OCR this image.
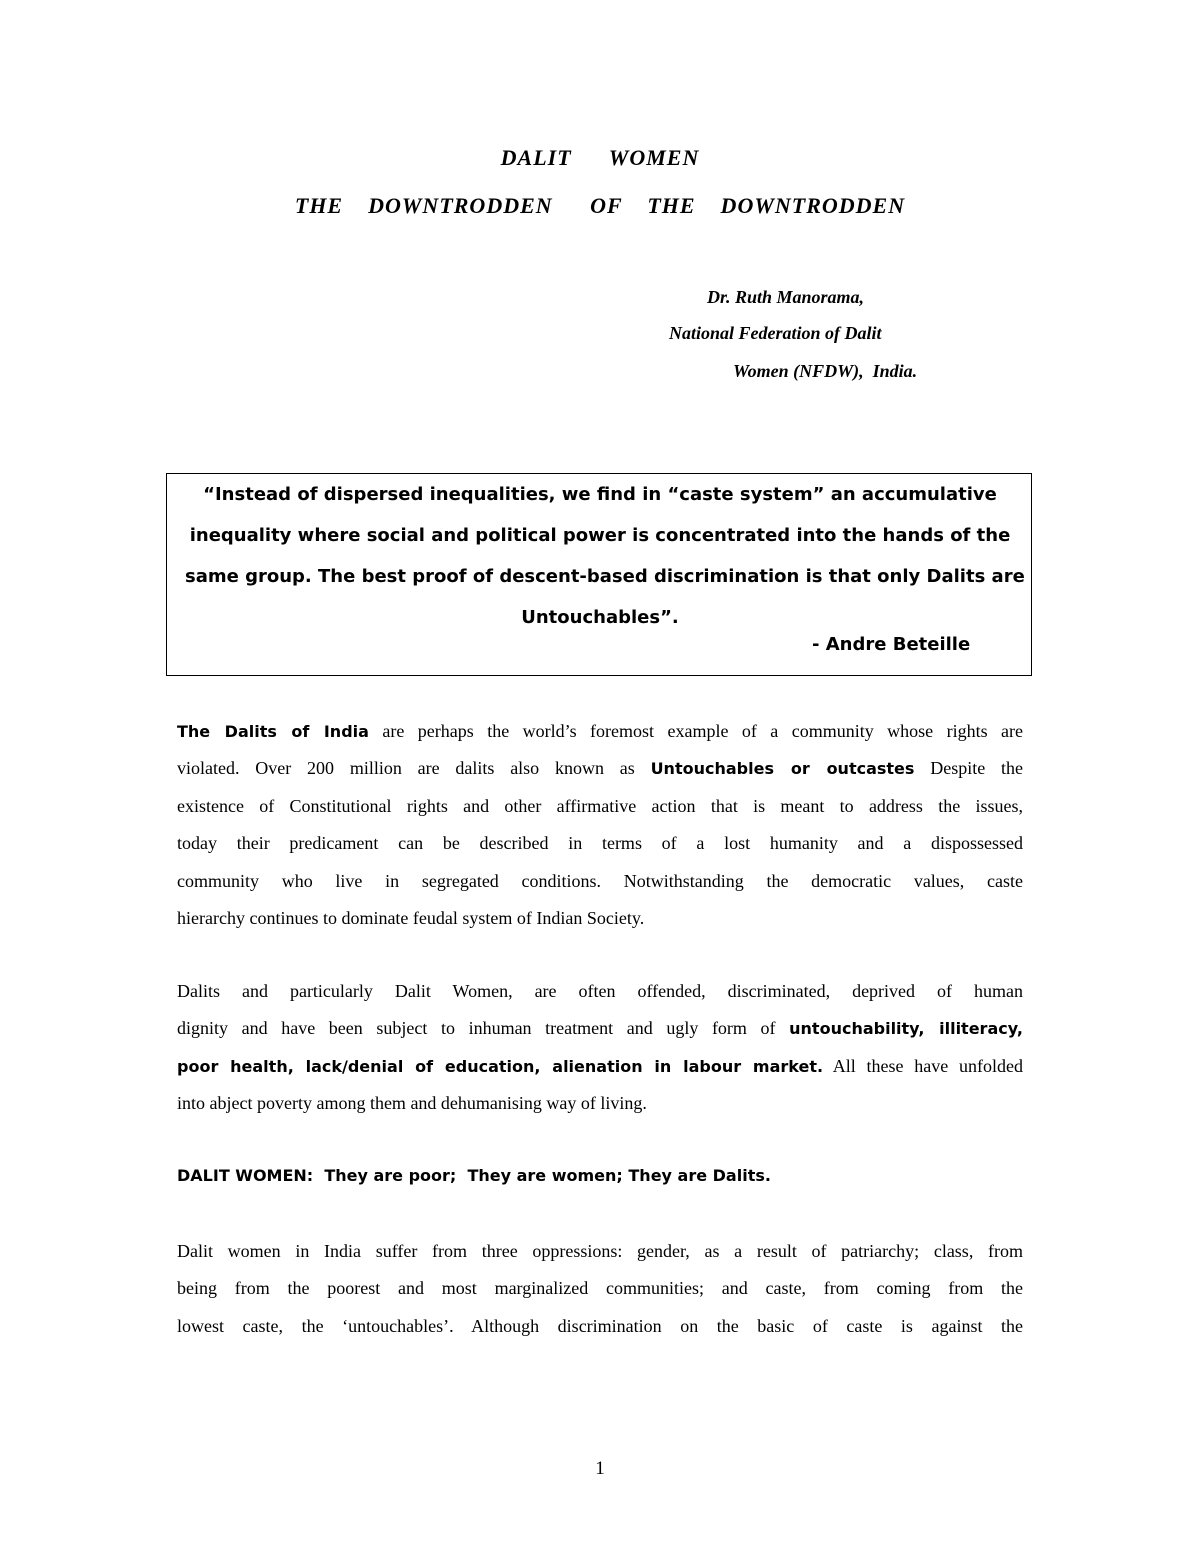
DALIT   WOMEN
THE  DOWNTRODDEN   OF  THE  DOWNTRODDEN
Dr. Ruth Manorama,
National Federation of Dalit
Women (NFDW),  India.
“Instead of dispersed inequalities, we find in “caste system” an accumulative
inequality where social and political power is concentrated into the hands of the
same group. The best proof of descent-based discrimination is that only Dalits are
Untouchables”.
- Andre Beteille
The Dalits of India are perhaps the world’s foremost example of a community whose rights are
violated. Over 200 million are dalits also known as Untouchables or outcastes Despite the
existence of Constitutional rights and other affirmative action that is meant to address the issues,
today their predicament can be described in terms of a lost humanity and a dispossessed
community who live in segregated conditions. Notwithstanding the democratic values, caste
hierarchy continues to dominate feudal system of Indian Society.
Dalits and particularly Dalit Women, are often offended, discriminated, deprived of human
dignity and have been subject to inhuman treatment and ugly form of untouchability, illiteracy,
poor health, lack/denial of education, alienation in labour market. All these have unfolded
into abject poverty among them and dehumanising way of living.
DALIT WOMEN:  They are poor;  They are women; They are Dalits.
Dalit women in India suffer from three oppressions: gender, as a result of patriarchy; class, from
being from the poorest and most marginalized communities; and caste, from coming from the
lowest caste, the ‘untouchables’. Although discrimination on the basic of caste is against the
1
